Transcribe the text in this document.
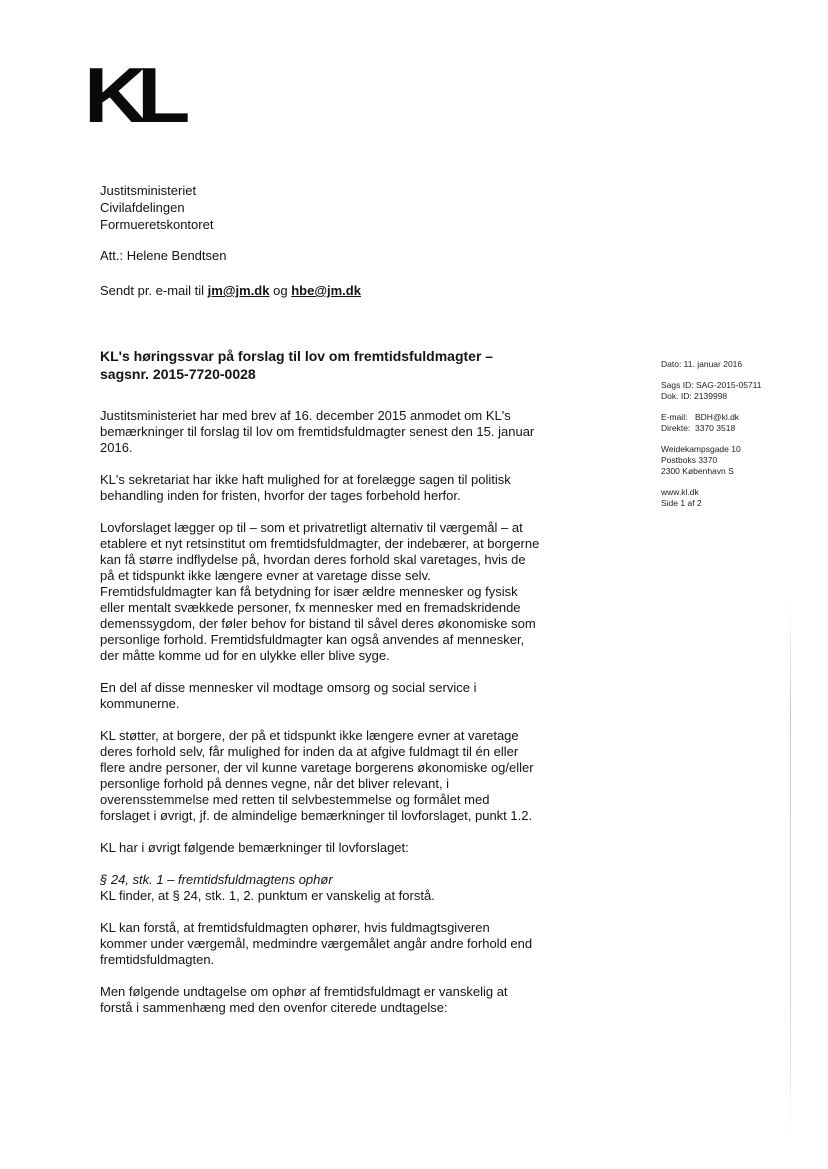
KL
Justitsministeriet
Civilafdelingen
Formueretskontoret
Att.: Helene Bendtsen
Sendt pr. e-mail til jm@jm.dk og hbe@jm.dk
KL's høringssvar på forslag til lov om fremtidsfuldmagter – sagsnr. 2015-7720-0028
Dato: 11. januar 2016
Sags ID: SAG-2015-05711
Dok. ID: 2139998
E-mail: BDH@kl.dk
Direkte: 3370 3518
Weidekampsgade 10
Postboks 3370
2300 København S
www.kl.dk
Side 1 af 2

Justitsministeriet har med brev af 16. december 2015 anmodet om KL's bemærkninger til forslag til lov om fremtidsfuldmagter senest den 15. januar 2016.

KL's sekretariat har ikke haft mulighed for at forelægge sagen til politisk behandling inden for fristen, hvorfor der tages forbehold herfor.

Lovforslaget lægger op til – som et privatretligt alternativ til værgemål – at etablere et nyt retsinstitut om fremtidsfuldmagter, der indebærer, at borgerne kan få større indflydelse på, hvordan deres forhold skal varetages, hvis de på et tidspunkt ikke længere evner at varetage disse selv. Fremtidsfuldmagter kan få betydning for især ældre mennesker og fysisk eller mentalt svækkede personer, fx mennesker med en fremadskridende demenssygdom, der føler behov for bistand til såvel deres økonomiske som personlige forhold. Fremtidsfuldmagter kan også anvendes af mennesker, der måtte komme ud for en ulykke eller blive syge.

En del af disse mennesker vil modtage omsorg og social service i kommunerne.

KL støtter, at borgere, der på et tidspunkt ikke længere evner at varetage deres forhold selv, får mulighed for inden da at afgive fuldmagt til én eller flere andre personer, der vil kunne varetage borgerens økonomiske og/eller personlige forhold på dennes vegne, når det bliver relevant, i overensstemmelse med retten til selvbestemmelse og formålet med forslaget i øvrigt, jf. de almindelige bemærkninger til lovforslaget, punkt 1.2.

KL har i øvrigt følgende bemærkninger til lovforslaget:

§ 24, stk. 1 – fremtidsfuldmagtens ophør

KL finder, at § 24, stk. 1, 2. punktum er vanskelig at forstå.

KL kan forstå, at fremtidsfuldmagten ophører, hvis fuldmagtsgiveren kommer under værgemål, medmindre værgemålet angår andre forhold end fremtidsfuldmagten.

Men følgende undtagelse om ophør af fremtidsfuldmagt er vanskelig at forstå i sammenhæng med den ovenfor citerede undtagelse:
